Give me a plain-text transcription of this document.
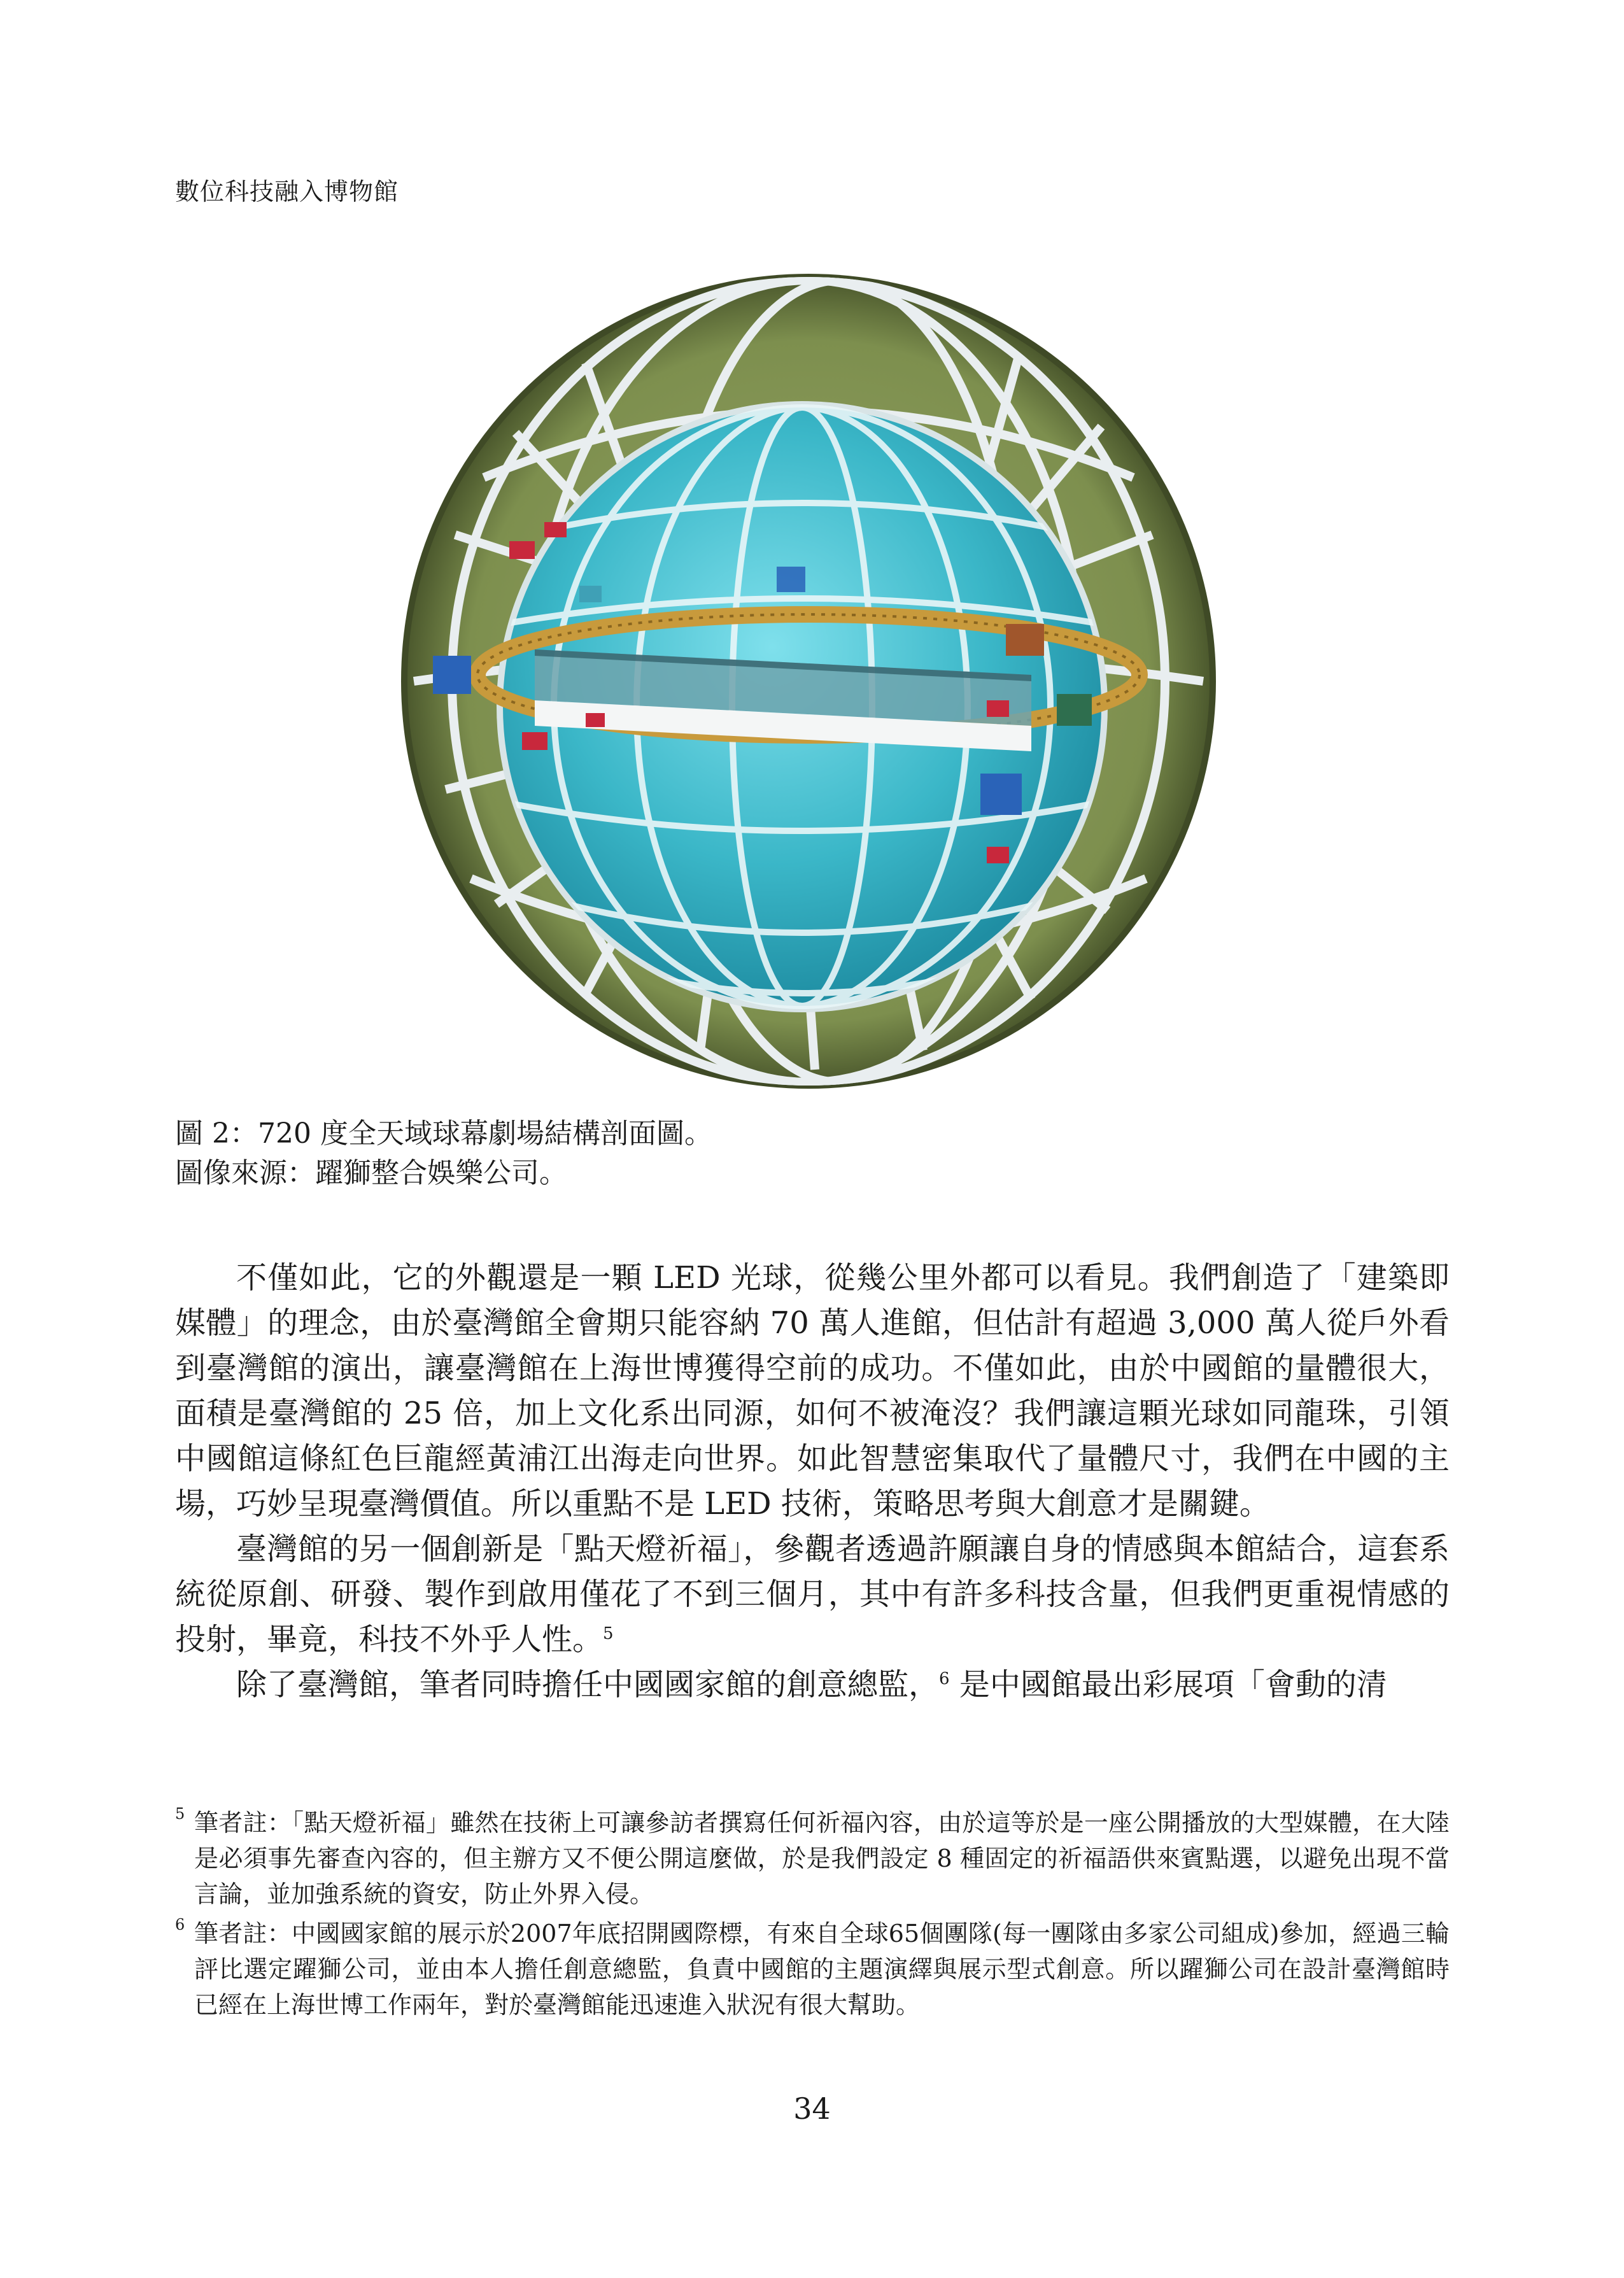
數位科技融入博物館
圖 2：720 度全天域球幕劇場結構剖面圖。
圖像來源：躍獅整合娛樂公司。

不僅如此，它的外觀還是一顆 LED 光球，從幾公里外都可以看見。我們創造了「建築即媒體」的理念，由於臺灣館全會期只能容納 70 萬人進館，但估計有超過 3,000 萬人從戶外看到臺灣館的演出，讓臺灣館在上海世博獲得空前的成功。不僅如此，由於中國館的量體很大，面積是臺灣館的 25 倍，加上文化系出同源，如何不被淹沒？我們讓這顆光球如同龍珠，引領中國館這條紅色巨龍經黃浦江出海走向世界。如此智慧密集取代了量體尺寸，我們在中國的主場，巧妙呈現臺灣價值。所以重點不是 LED 技術，策略思考與大創意才是關鍵。

臺灣館的另一個創新是「點天燈祈福」，參觀者透過許願讓自身的情感與本館結合，這套系統從原創、研發、製作到啟用僅花了不到三個月，其中有許多科技含量，但我們更重視情感的投射，畢竟，科技不外乎人性。$^5$

除了臺灣館，筆者同時擔任中國國家館的創意總監，$^6$ 是中國館最出彩展項「會動的清

5 筆者註：「點天燈祈福」雖然在技術上可讓參訪者撰寫任何祈福內容，由於這等於是一座公開播放的大型媒體，在大陸是必須事先審查內容的，但主辦方又不便公開這麼做，於是我們設定 8 種固定的祈福語供來賓點選，以避免出現不當言論，並加強系統的資安，防止外界入侵。
6 筆者註：中國國家館的展示於2007年底招開國際標，有來自全球65個團隊(每一團隊由多家公司組成)參加，經過三輪評比選定躍獅公司，並由本人擔任創意總監，負責中國館的主題演繹與展示型式創意。所以躍獅公司在設計臺灣館時已經在上海世博工作兩年，對於臺灣館能迅速進入狀況有很大幫助。
34
